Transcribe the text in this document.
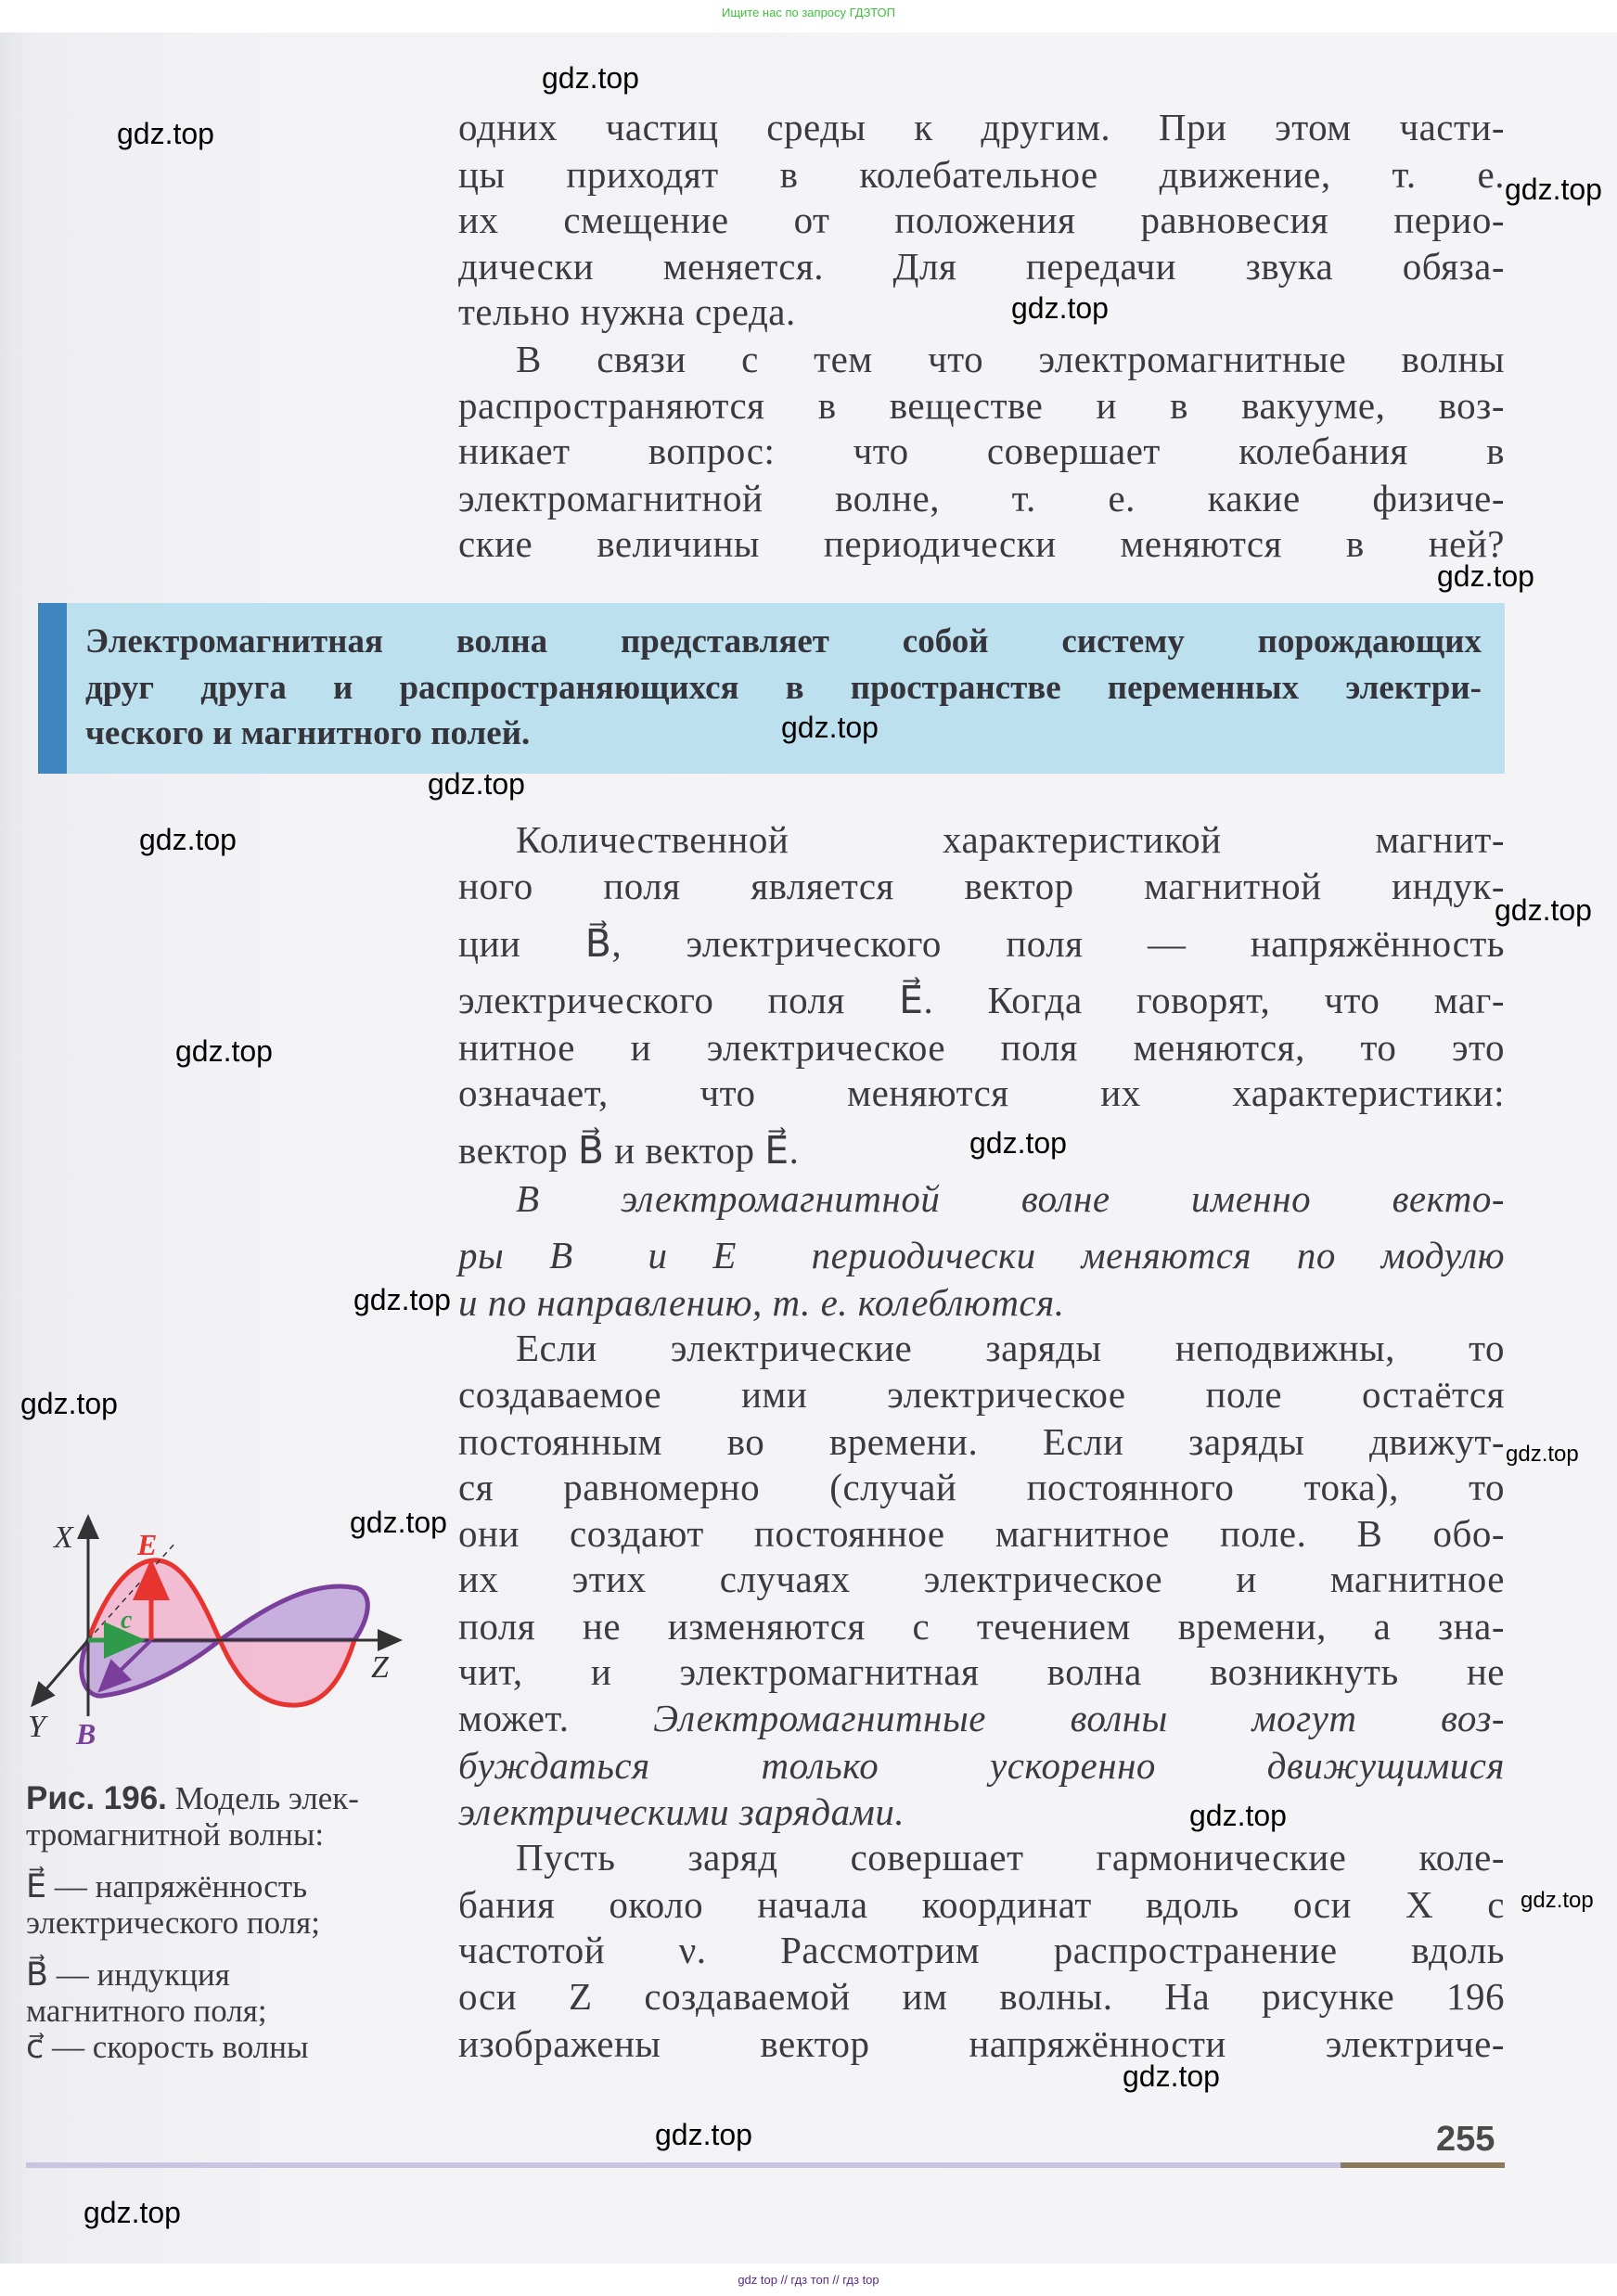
Ищите нас по запросу ГДЗТОП
одних частиц среды к другим. При этом части-
цы приходят в колебательное движение, т. е.
их смещение от положения равновесия перио-
дически меняется. Для передачи звука обяза-
тельно нужна среда.
В связи с тем что электромагнитные волны
распространяются в веществе и в вакууме, воз-
никает вопрос: что совершает колебания в
электромагнитной волне, т. е. какие физиче-
ские величины периодически меняются в ней?
Количественной характеристикой магнит-
ного поля является вектор магнитной индук-
ции B⃗, электрического поля — напряжённость
электрического поля E⃗. Когда говорят, что маг-
нитное и электрическое поля меняются, то это
означает, что меняются их характеристики:
вектор B⃗ и вектор E⃗.
В электромагнитной волне именно векто-
ры B⃗ и E⃗ периодически меняются по модулю
и по направлению, т. е. колеблются.
Если электрические заряды неподвижны, то
создаваемое ими электрическое поле остаётся
постоянным во времени. Если заряды движут-
ся равномерно (случай постоянного тока), то
они создают постоянное магнитное поле. В обо-
их этих случаях электрическое и магнитное
поля не изменяются с течением времени, а зна-
чит, и электромагнитная волна возникнуть не
может. Электромагнитные волны могут воз-
буждаться только ускоренно движущимися
электрическими зарядами.
Пусть заряд совершает гармонические коле-
бания около начала координат вдоль оси X с
частотой ν. Рассмотрим распространение вдоль
оси Z создаваемой им волны. На рисунке 196
изображены вектор напряжённости электриче-
Электромагнитная волна представляет собой систему порождающих
друг друга и распространяющихся в пространстве переменных электри-
ческого и магнитного полей.
X
Z
Y
E⃗
B⃗
c⃗
Рис. 196. Модель элек-
тромагнитной волны:
E⃗ — напряжённость
электрического поля;
B⃗ — индукция
магнитного поля;
c⃗ — скорость волны
gdz.top
gdz.top
gdz.top
gdz.top
gdz.top
gdz.top
gdz.top
gdz.top
gdz.top
gdz.top
gdz.top
gdz.top
gdz.top
gdz.top
gdz.top
gdz.top
gdz.top
gdz.top
gdz.top
gdz.top
255
gdz top // гдз топ // гдз top
